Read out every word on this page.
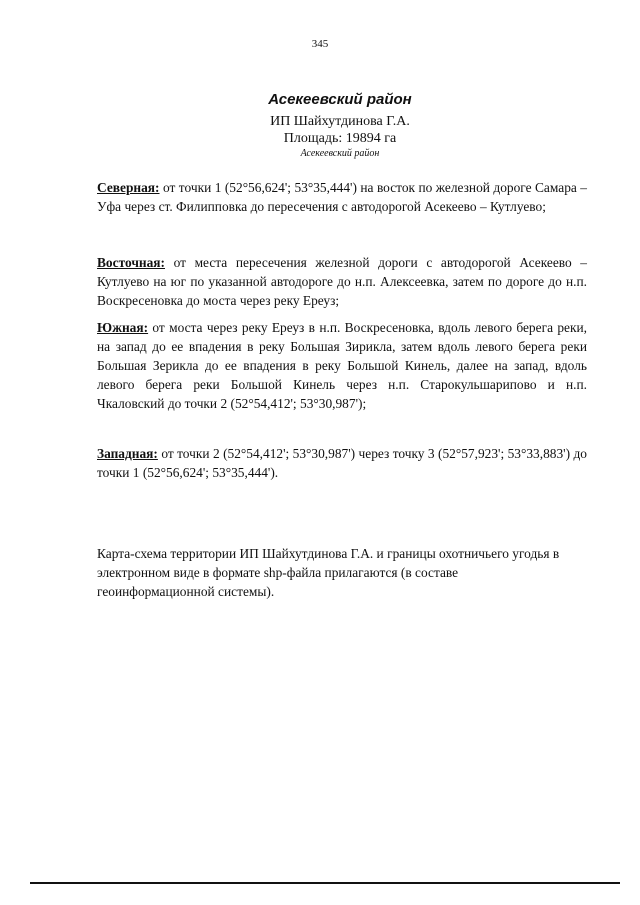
345
Асекеевский район
ИП Шайхутдинова Г.А.
Площадь: 19894 га
Асекеевский район
Северная: от точки 1 (52°56,624'; 53°35,444') на восток по железной дороге Самара – Уфа через ст. Филипповка до пересечения с автодорогой Асекеево – Кутлуево;
Восточная: от места пересечения железной дороги с автодорогой Асекеево – Кутлуево на юг по указанной автодороге до н.п. Алексеевка, затем по дороге до н.п. Воскресеновка до моста через реку Ереуз;
Южная: от моста через реку Ереуз в н.п. Воскресеновка, вдоль левого берега реки, на запад до ее впадения в реку Большая Зирикла, затем вдоль левого берега реки Большая Зерикла до ее впадения в реку Большой Кинель, далее на запад, вдоль левого берега реки Большой Кинель через н.п. Старокульшарипово и н.п. Чкаловский до точки 2 (52°54,412'; 53°30,987');
Западная: от точки 2 (52°54,412'; 53°30,987') через точку 3 (52°57,923'; 53°33,883') до точки 1 (52°56,624'; 53°35,444').
Карта-схема территории ИП Шайхутдинова Г.А. и границы охотничьего угодья в электронном виде в формате shp-файла прилагаются (в составе геоинформационной системы).
